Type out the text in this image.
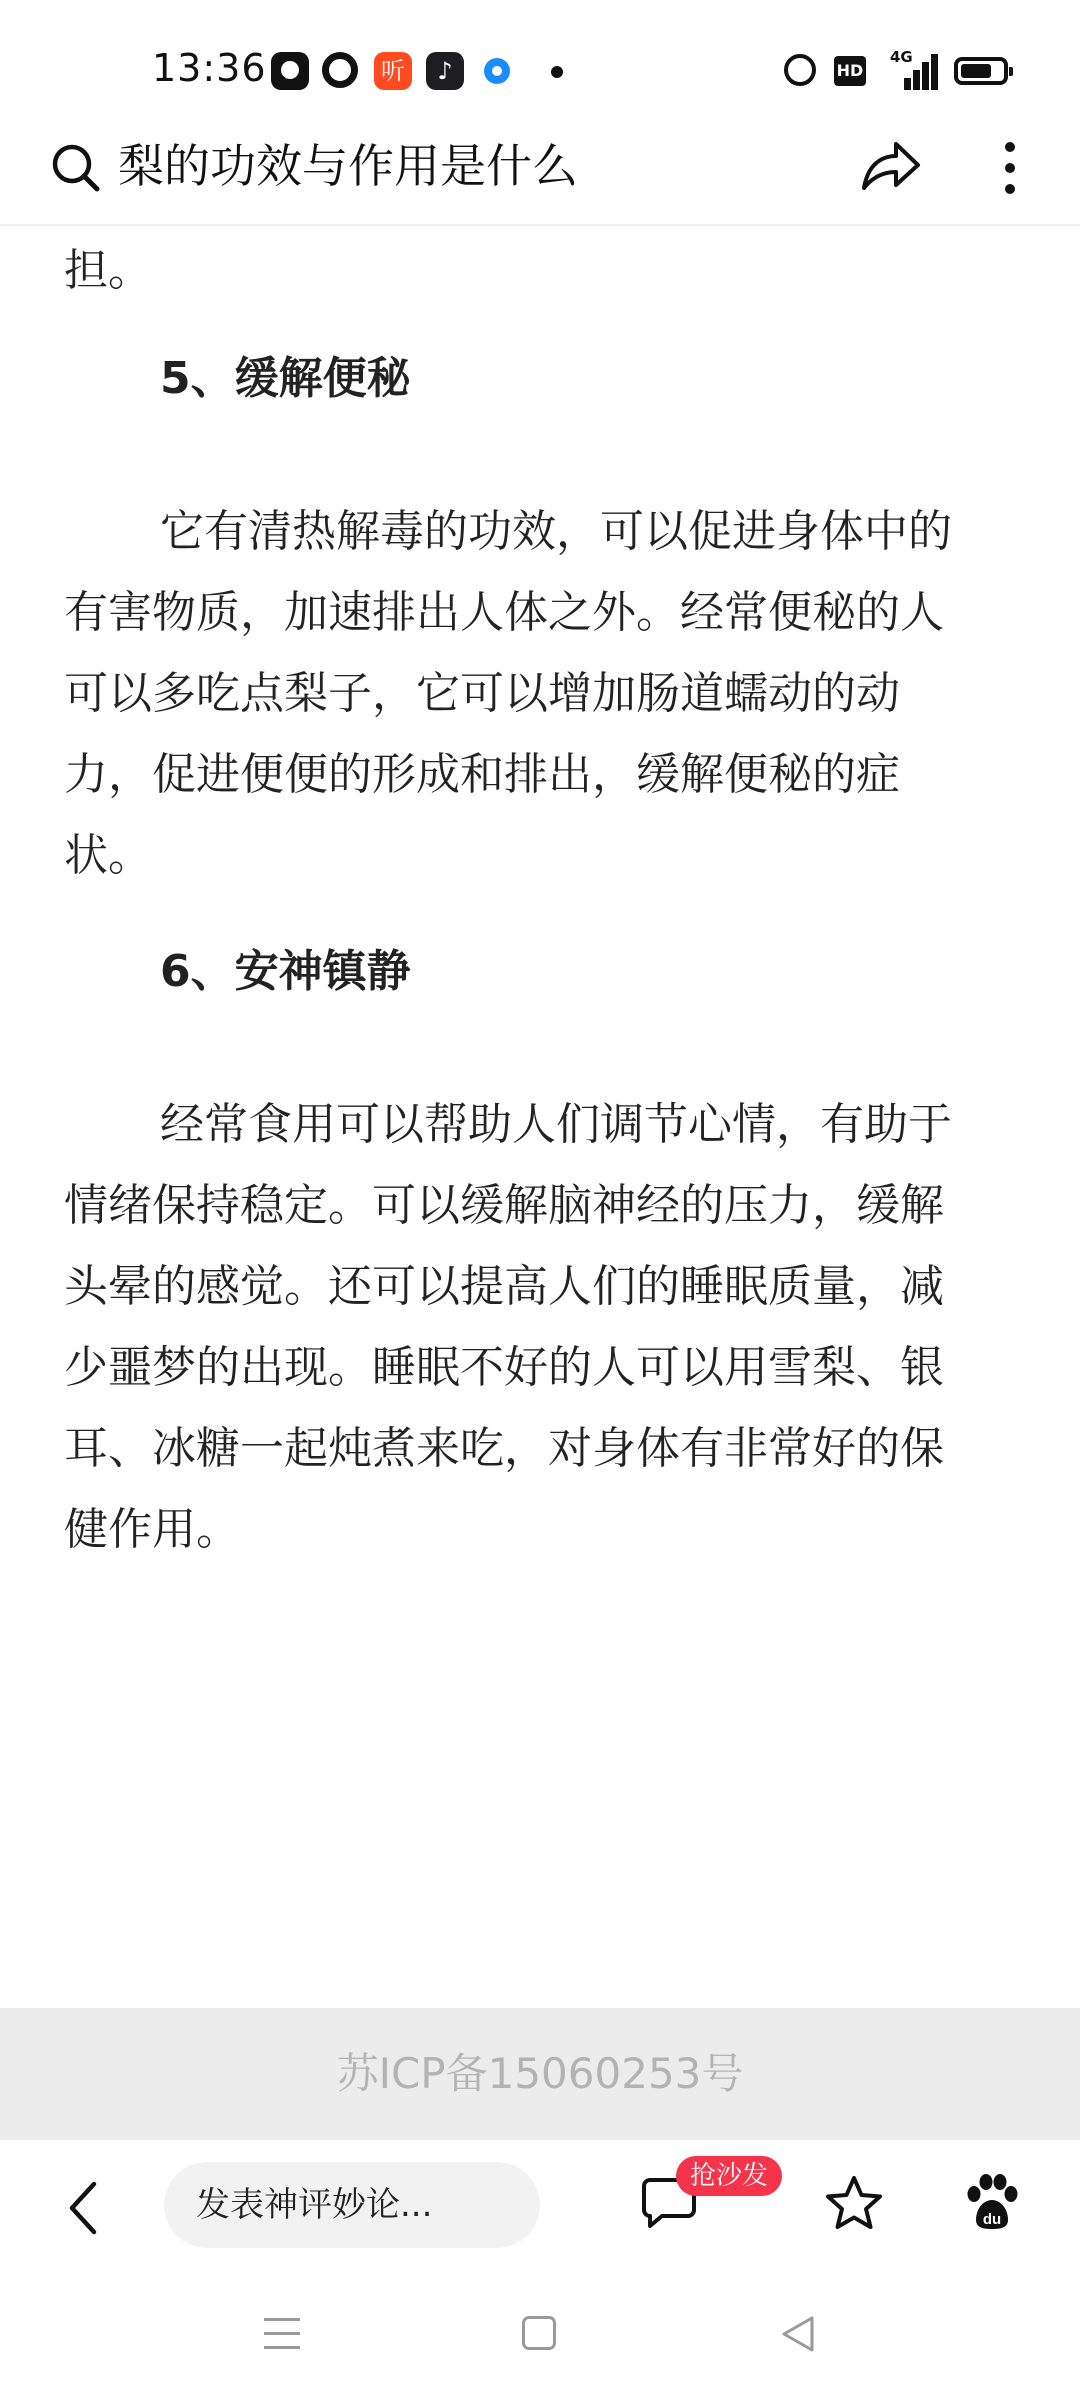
13:36	听	♪	HD
4G
梨的功效与作用是什么

担。

5、缓解便秘

它有清热解毒的功效，可以促进身体中的有害物质，加速排出人体之外。经常便秘的人可以多吃点梨子，它可以增加肠道蠕动的动力，促进便便的形成和排出，缓解便秘的症状。

6、安神镇静

经常食用可以帮助人们调节心情，有助于情绪保持稳定。可以缓解脑神经的压力，缓解头晕的感觉。还可以提高人们的睡眠质量，减少噩梦的出现。睡眠不好的人可以用雪梨、银耳、冰糖一起炖煮来吃，对身体有非常好的保健作用。

苏ICP备15060253号
发表神评妙论...
抢沙发
du
